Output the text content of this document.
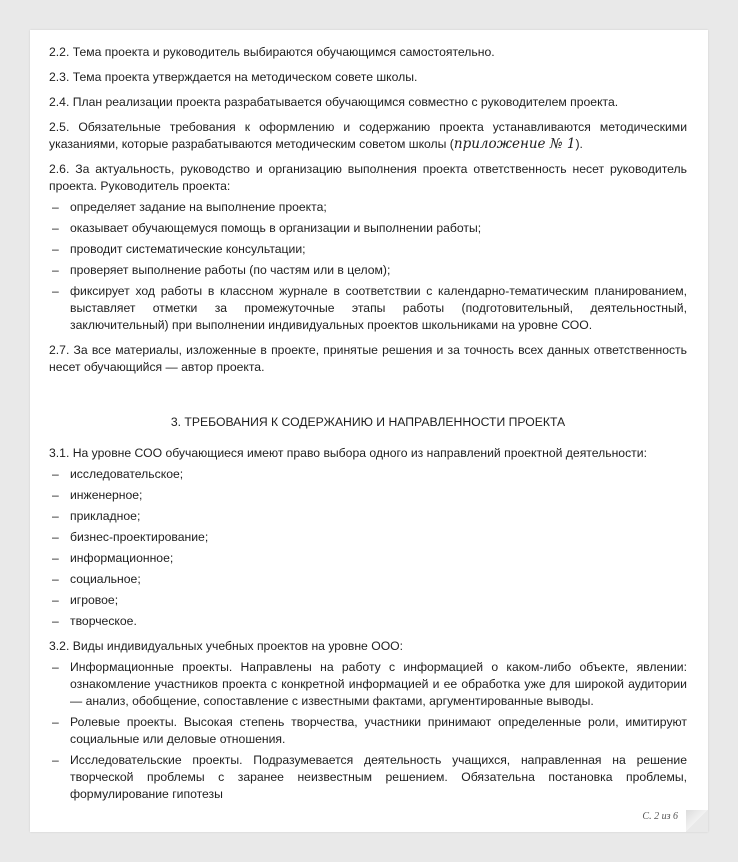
2.2. Тема проекта и руководитель выбираются обучающимся самостоятельно.

2.3. Тема проекта утверждается на методическом совете школы.

2.4. План реализации проекта разрабатывается обучающимся совместно с руководителем проекта.

2.5. Обязательные требования к оформлению и содержанию проекта устанавливаются методическими указаниями, которые разрабатываются методическим советом школы (приложение № 1).

2.6. За актуальность, руководство и организацию выполнения проекта ответственность несет руководитель проекта. Руководитель проекта:

– определяет задание на выполнение проекта;
– оказывает обучающемуся помощь в организации и выполнении работы;
– проводит систематические консультации;
– проверяет выполнение работы (по частям или в целом);
– фиксирует ход работы в классном журнале в соответствии с календарно-тематическим планированием, выставляет отметки за промежуточные этапы работы (подготовительный, деятельностный, заключительный) при выполнении индивидуальных проектов школьниками на уровне СОО.

2.7. За все материалы, изложенные в проекте, принятые решения и за точность всех данных ответственность несет обучающийся — автор проекта.

3. ТРЕБОВАНИЯ К СОДЕРЖАНИЮ И НАПРАВЛЕННОСТИ ПРОЕКТА

3.1. На уровне СОО обучающиеся имеют право выбора одного из направлений проектной деятельности:

– исследовательское;
– инженерное;
– прикладное;
– бизнес-проектирование;
– информационное;
– социальное;
– игровое;
– творческое.

3.2. Виды индивидуальных учебных проектов на уровне ООО:

– Информационные проекты. Направлены на работу с информацией о каком-либо объекте, явлении: ознакомление участников проекта с конкретной информацией и ее обработка уже для широкой аудитории — анализ, обобщение, сопоставление с известными фактами, аргументированные выводы.
– Ролевые проекты. Высокая степень творчества, участники принимают определенные роли, имитируют социальные или деловые отношения.
– Исследовательские проекты. Подразумевается деятельность учащихся, направленная на решение творческой проблемы с заранее неизвестным решением. Обязательна постановка проблемы, формулирование гипотезы
С. 2 из 6
